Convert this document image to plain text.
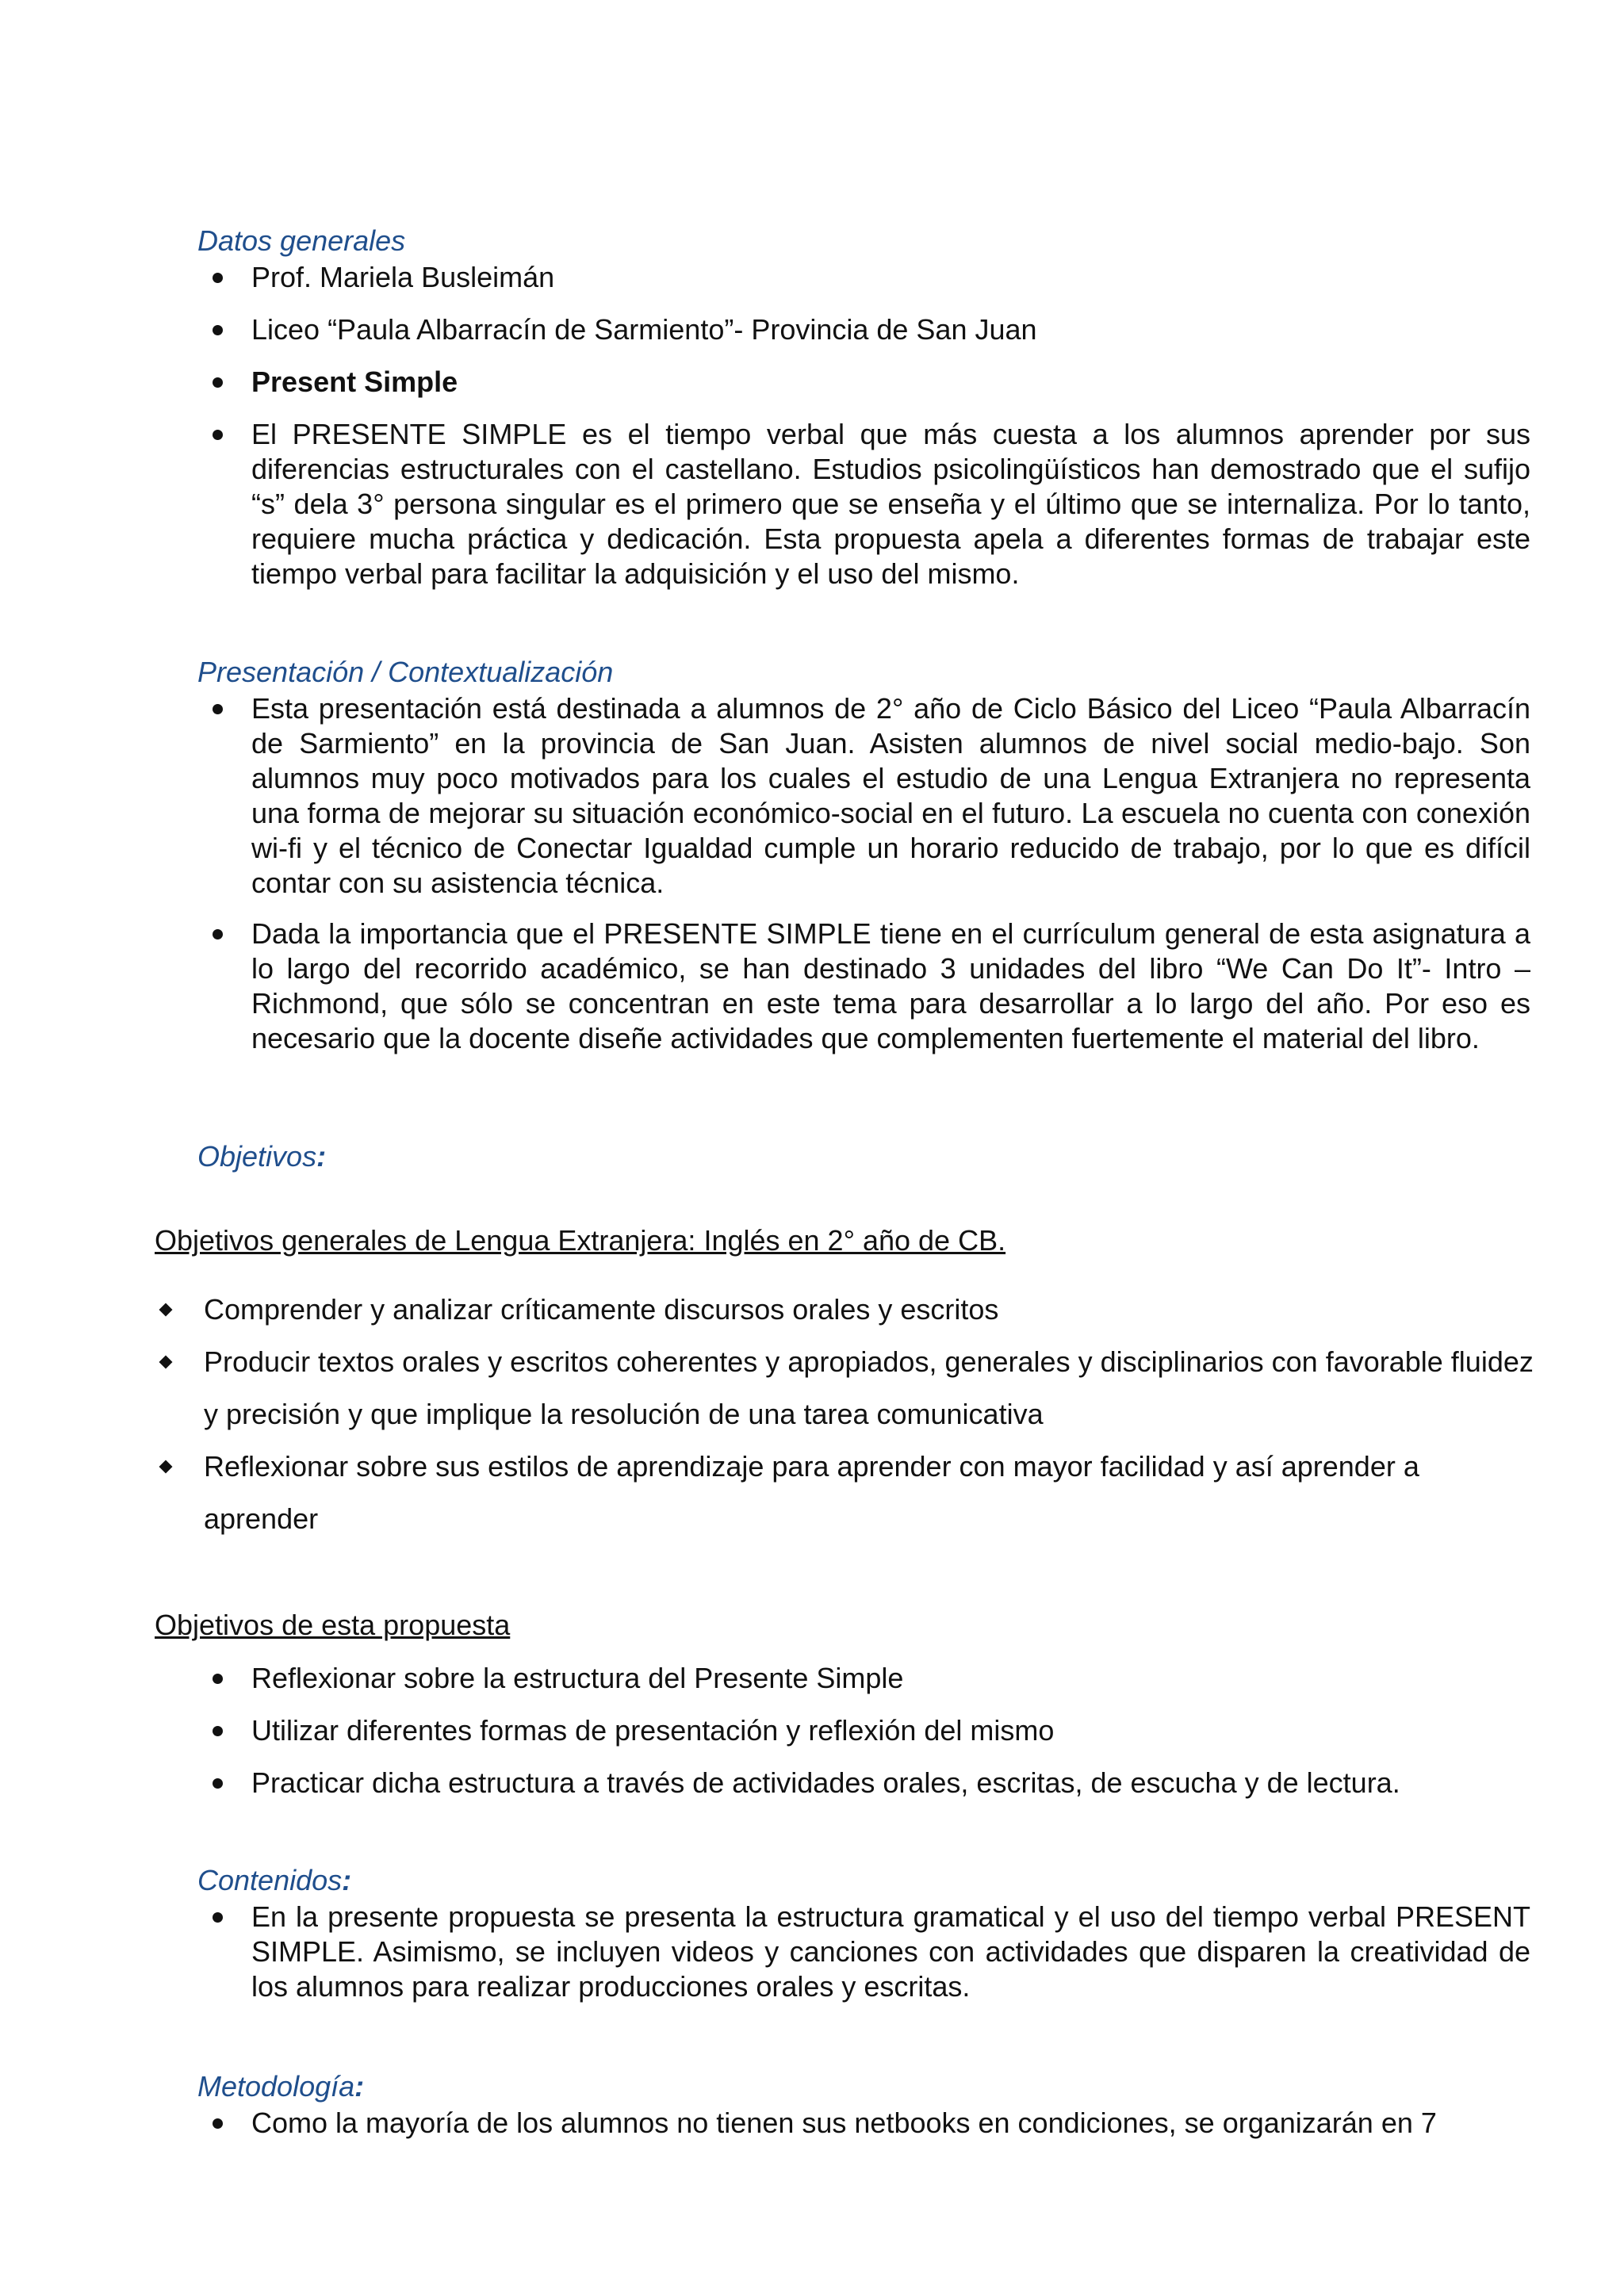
Datos generales
Prof. Mariela Busleimán
Liceo “Paula Albarracín de Sarmiento”- Provincia de San Juan
Present Simple
El PRESENTE SIMPLE es el tiempo verbal que más cuesta a los alumnos aprender por sus diferencias estructurales con el castellano. Estudios psicolingüísticos han demostrado que el sufijo “s” dela 3° persona singular es el primero que se enseña y el último que se internaliza. Por lo tanto, requiere mucha práctica y dedicación. Esta propuesta apela a diferentes formas de trabajar este tiempo verbal para facilitar la adquisición y el uso del mismo.
Presentación / Contextualización
Esta presentación está destinada a alumnos de 2° año de Ciclo Básico del Liceo “Paula Albarracín de Sarmiento” en la provincia de San Juan. Asisten alumnos de nivel social medio-bajo. Son alumnos muy poco motivados para los cuales el estudio de una Lengua Extranjera no representa una forma de mejorar su situación económico-social en el futuro. La escuela no cuenta con conexión wi-fi y el técnico de Conectar Igualdad cumple un horario reducido de trabajo, por lo que es difícil contar con su asistencia técnica.
Dada la importancia que el PRESENTE SIMPLE tiene en el currículum general de esta asignatura a lo largo del recorrido académico, se han destinado 3 unidades del libro “We Can Do It”- Intro – Richmond, que sólo se concentran en este tema para desarrollar a lo largo del año. Por eso es necesario que la docente diseñe actividades que complementen fuertemente el material del libro.
Objetivos:

Objetivos generales de Lengua Extranjera: Inglés en 2° año de CB.

Comprender y analizar críticamente discursos orales y escritos
Producir textos orales y escritos coherentes y apropiados, generales y disciplinarios con favorable fluidez y precisión y que implique la resolución de una tarea comunicativa
Reflexionar sobre sus estilos de aprendizaje para aprender con mayor facilidad y así aprender a aprender

Objetivos de esta propuesta

Reflexionar sobre la estructura del Presente Simple
Utilizar diferentes formas de presentación y reflexión del mismo
Practicar dicha estructura a través de actividades orales, escritas, de escucha y de lectura.
Contenidos:
En la presente propuesta se presenta la estructura gramatical y el uso del tiempo verbal PRESENT SIMPLE. Asimismo, se incluyen videos y canciones con actividades que disparen la creatividad de los alumnos para realizar producciones orales y escritas.
Metodología:
Como la mayoría de los alumnos no tienen sus netbooks en condiciones, se organizarán en 7
